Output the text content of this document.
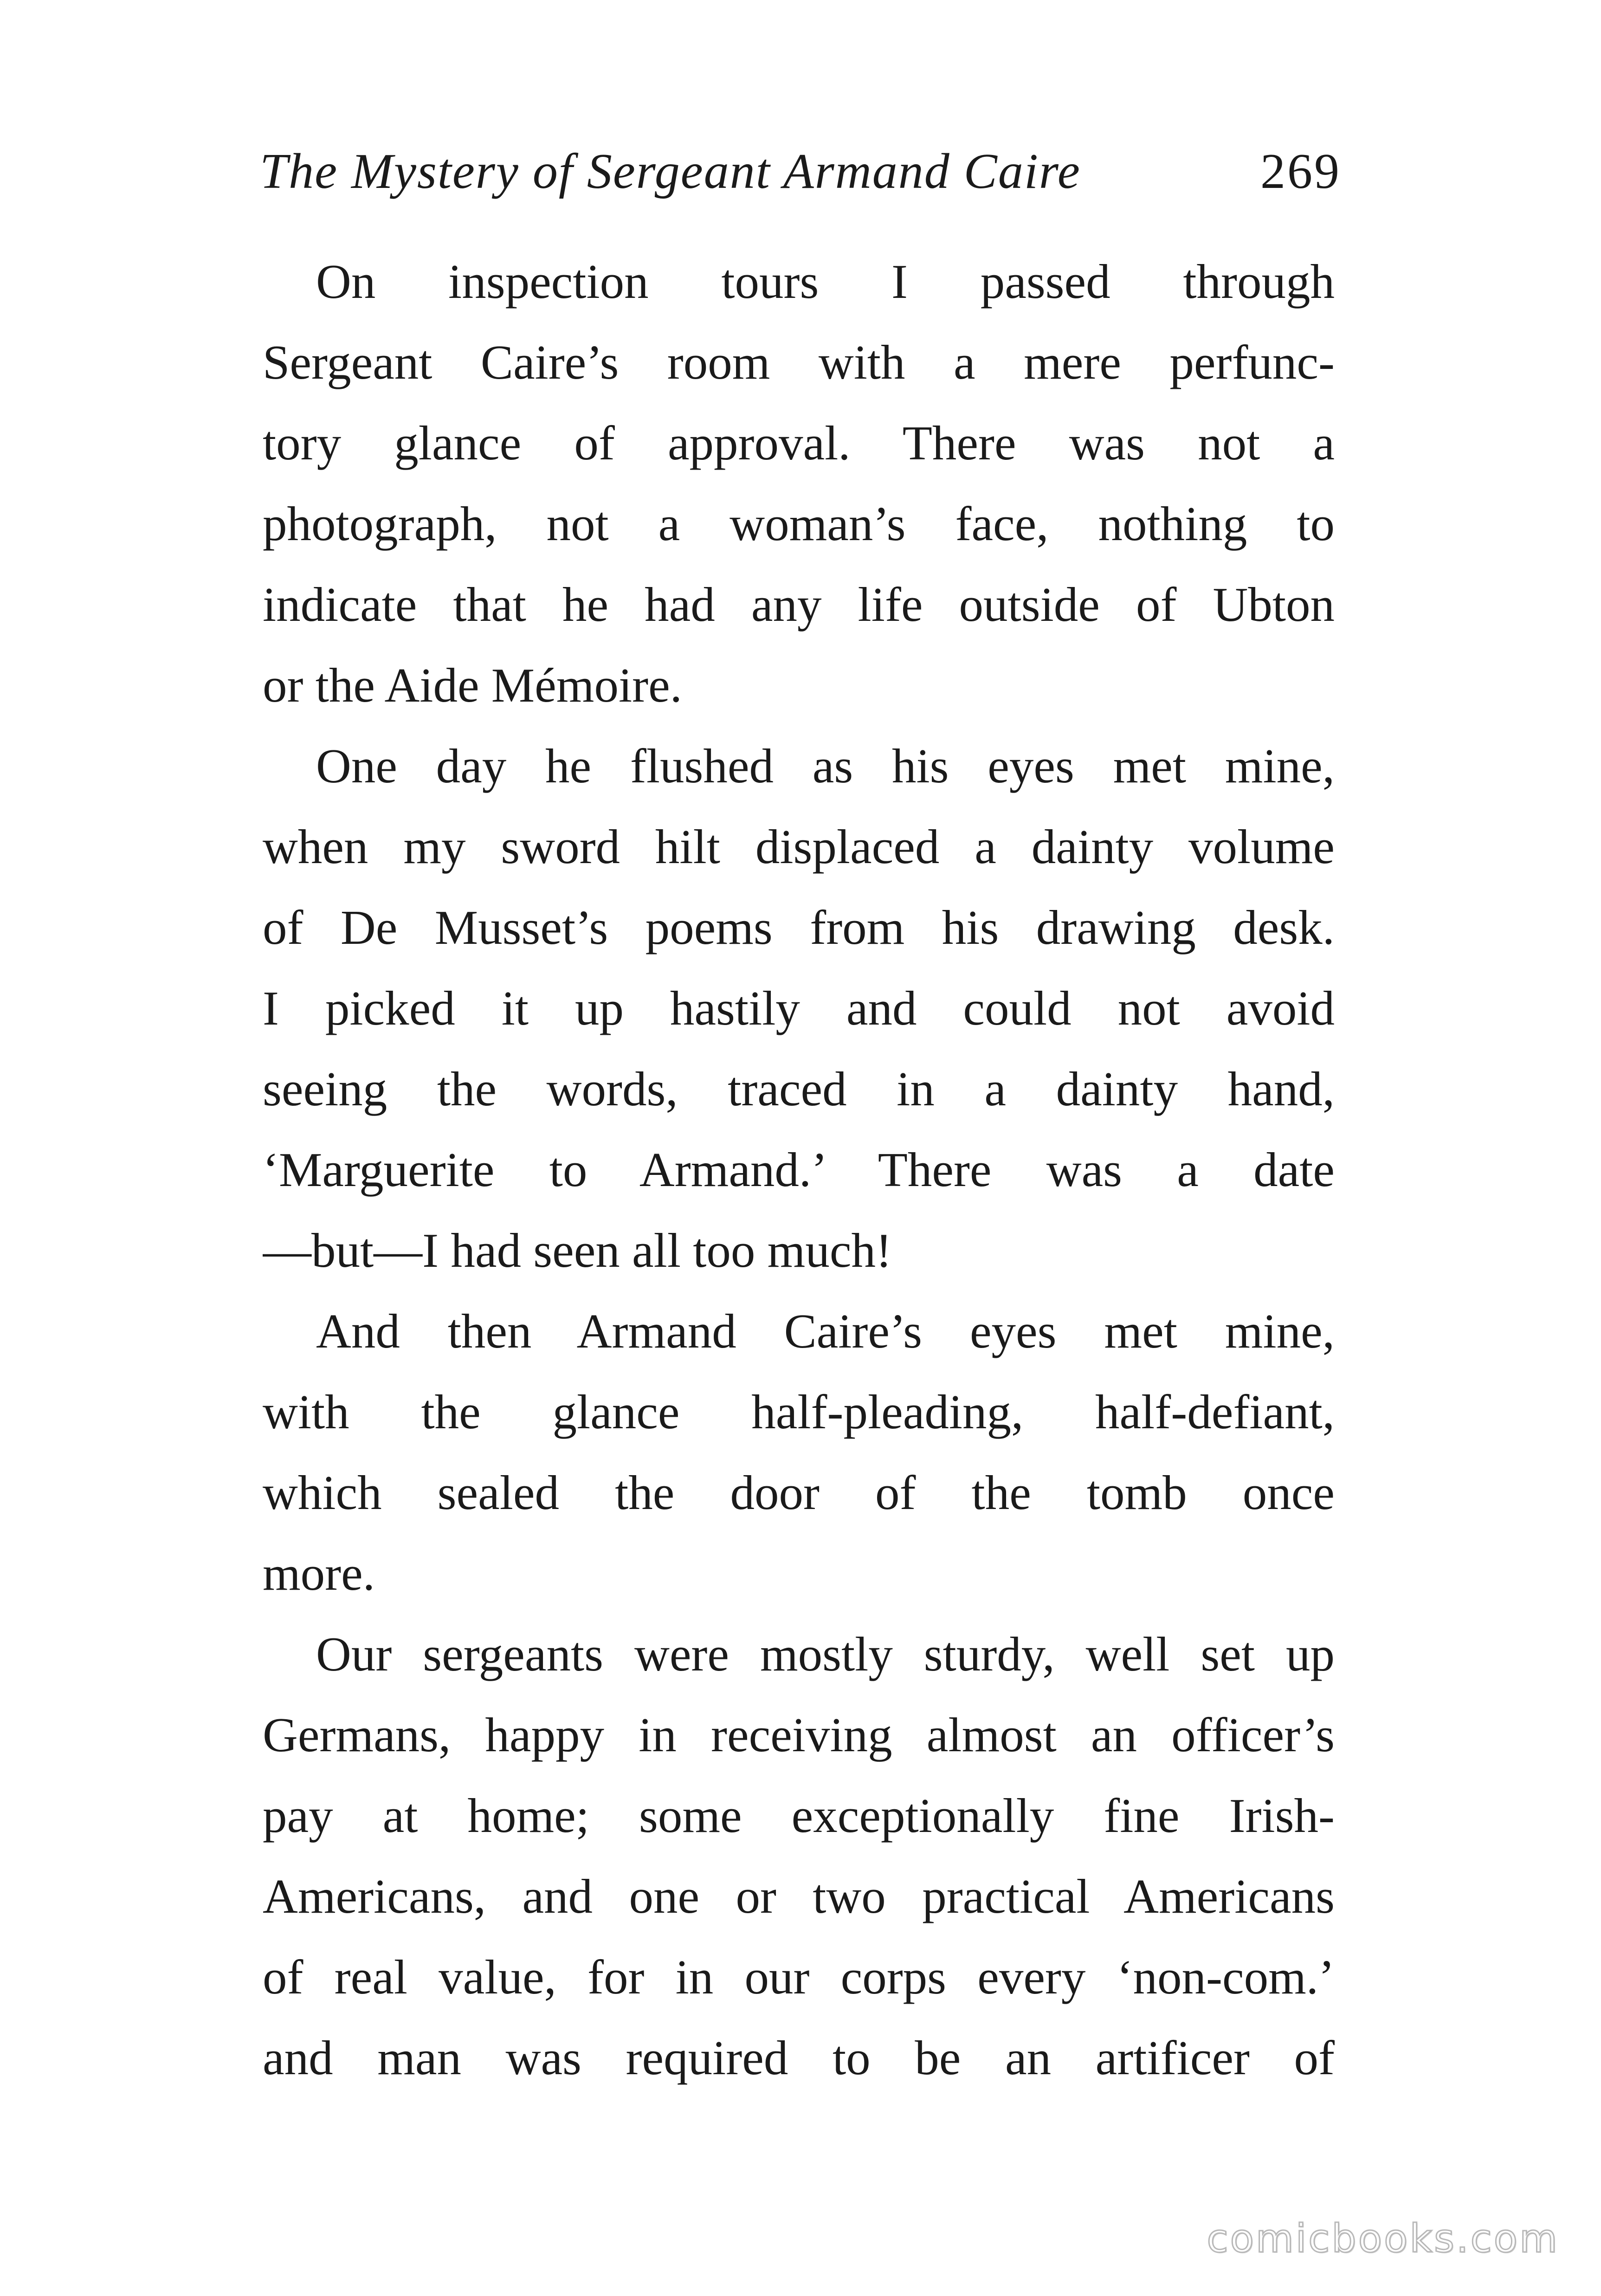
The Mystery of Sergeant Armand Caire	269

On inspection tours I passed through
Sergeant Caire’s room with a mere perfunc-
tory glance of approval. There was not a
photograph, not a woman’s face, nothing to
indicate that he had any life outside of Ubton
or the Aide Mémoire.

One day he flushed as his eyes met mine,
when my sword hilt displaced a dainty volume
of De Musset’s poems from his drawing desk.
I picked it up hastily and could not avoid
seeing the words, traced in a dainty hand,
‘Marguerite to Armand.’ There was a date
—but—I had seen all too much!

And then Armand Caire’s eyes met mine,
with the glance half-pleading, half-defiant,
which sealed the door of the tomb once
more.

Our sergeants were mostly sturdy, well set up
Germans, happy in receiving almost an officer’s
pay at home; some exceptionally fine Irish-
Americans, and one or two practical Americans
of real value, for in our corps every ‘non-com.’
and man was required to be an artificer of

comicbooks.com
